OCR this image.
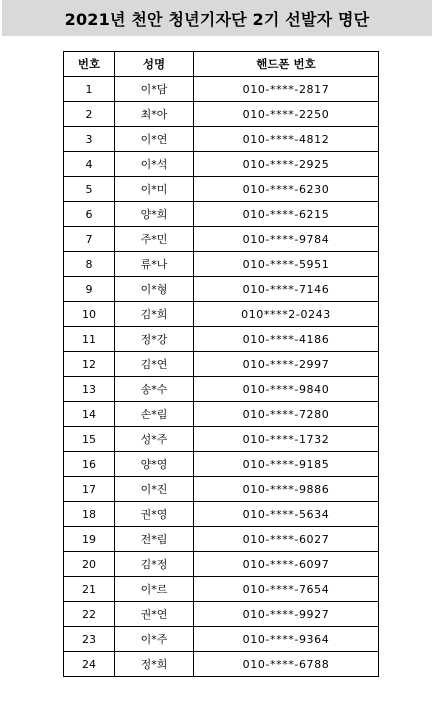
2021년 천안 청년기자단 2기 선발자 명단
번호	성명	핸드폰 번호
1	이*담	010-****-2817
2	최*아	010-****-2250
3	이*연	010-****-4812
4	이*석	010-****-2925
5	이*미	010-****-6230
6	양*희	010-****-6215
7	주*민	010-****-9784
8	류*나	010-****-5951
9	이*형	010-****-7146
10	김*희	010****2-0243
11	정*강	010-****-4186
12	김*연	010-****-2997
13	송*수	010-****-9840
14	손*림	010-****-7280
15	성*주	010-****-1732
16	양*영	010-****-9185
17	이*진	010-****-9886
18	권*영	010-****-5634
19	전*림	010-****-6027
20	김*정	010-****-6097
21	이*르	010-****-7654
22	권*연	010-****-9927
23	이*주	010-****-9364
24	정*희	010-****-6788
